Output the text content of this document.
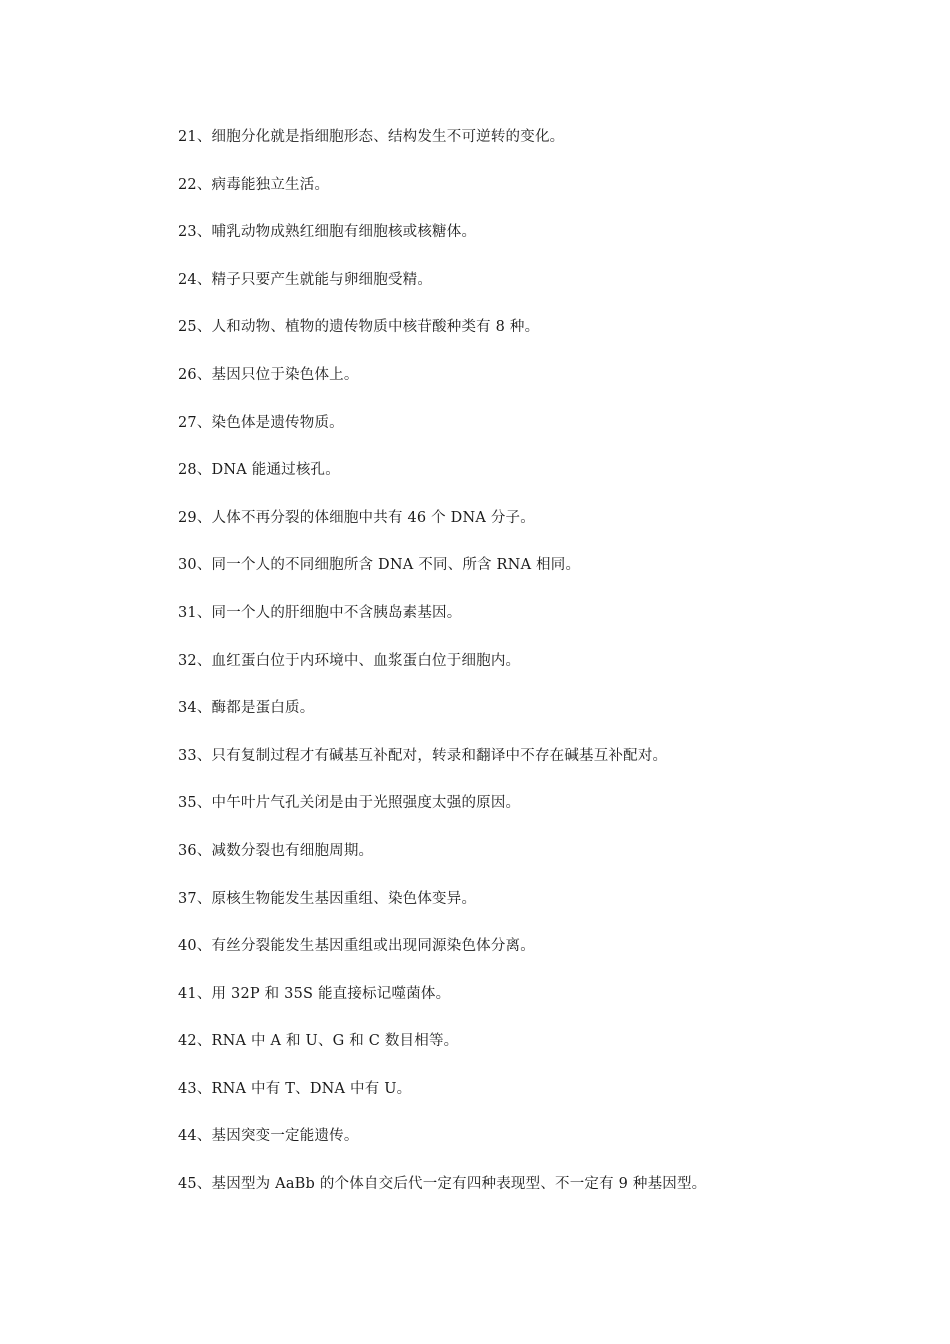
21、细胞分化就是指细胞形态、结构发生不可逆转的变化。
22、病毒能独立生活。
23、哺乳动物成熟红细胞有细胞核或核糖体。
24、精子只要产生就能与卵细胞受精。
25、人和动物、植物的遗传物质中核苷酸种类有 8 种。
26、基因只位于染色体上。
27、染色体是遗传物质。
28、DNA 能通过核孔。
29、人体不再分裂的体细胞中共有 46 个 DNA 分子。
30、同一个人的不同细胞所含 DNA 不同、所含 RNA 相同。
31、同一个人的肝细胞中不含胰岛素基因。
32、血红蛋白位于内环境中、血浆蛋白位于细胞内。
34、酶都是蛋白质。
33、只有复制过程才有碱基互补配对，转录和翻译中不存在碱基互补配对。
35、中午叶片气孔关闭是由于光照强度太强的原因。
36、减数分裂也有细胞周期。
37、原核生物能发生基因重组、染色体变异。
40、有丝分裂能发生基因重组或出现同源染色体分离。
41、用 32P 和 35S 能直接标记噬菌体。
42、RNA 中 A 和 U、G 和 C 数目相等。
43、RNA 中有 T、DNA 中有 U。
44、基因突变一定能遗传。
45、基因型为 AaBb 的个体自交后代一定有四种表现型、不一定有 9 种基因型。
